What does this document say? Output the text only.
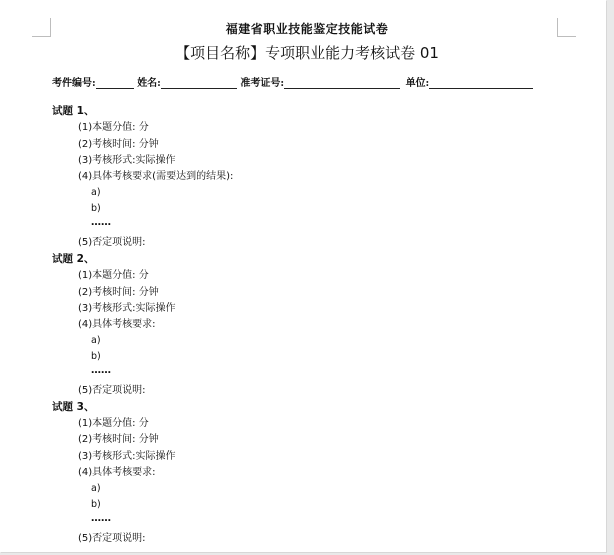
福建省职业技能鉴定技能试卷
【项目名称】专项职业能力考核试卷 01
考件编号:	姓名:	准考证号:	单位:
试题 1、
(1)本题分值: 分
(2)考核时间: 分钟
(3)考核形式:实际操作
(4)具体考核要求(需要达到的结果):
a)
b)
……
(5)否定项说明:
试题 2、
(1)本题分值: 分
(2)考核时间: 分钟
(3)考核形式:实际操作
(4)具体考核要求:
a)
b)
……
(5)否定项说明:
试题 3、
(1)本题分值: 分
(2)考核时间: 分钟
(3)考核形式:实际操作
(4)具体考核要求:
a)
b)
……
(5)否定项说明:
